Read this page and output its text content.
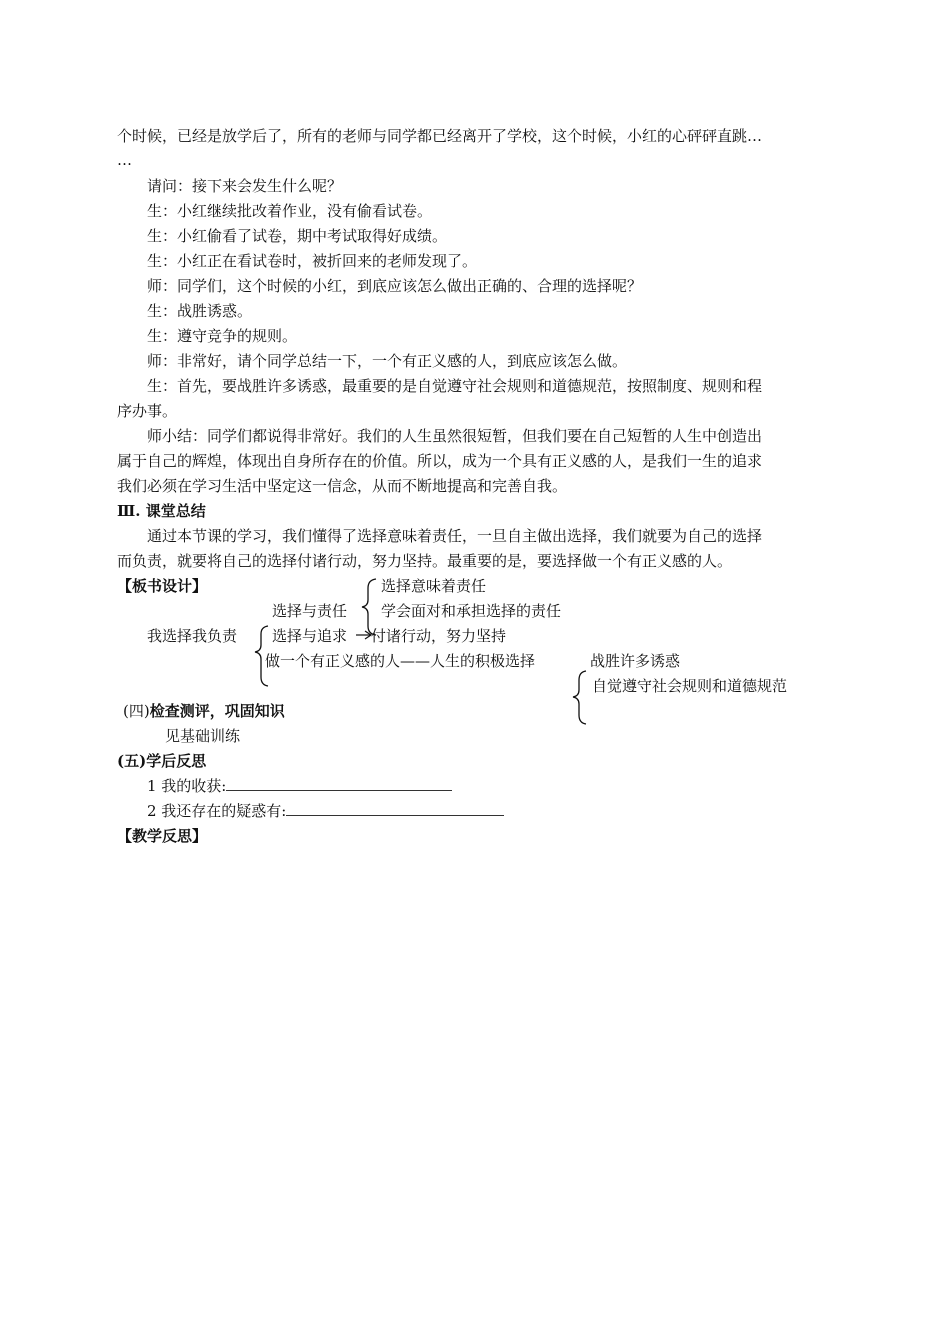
个时候，已经是放学后了，所有的老师与同学都已经离开了学校，这个时候，小红的心砰砰直跳…
…
请问：接下来会发生什么呢？
生：小红继续批改着作业，没有偷看试卷。
生：小红偷看了试卷，期中考试取得好成绩。
生：小红正在看试卷时，被折回来的老师发现了。
师：同学们，这个时候的小红，到底应该怎么做出正确的、合理的选择呢？
生：战胜诱惑。
生：遵守竞争的规则。
师：非常好，请个同学总结一下，一个有正义感的人，到底应该怎么做。
生：首先，要战胜许多诱惑，最重要的是自觉遵守社会规则和道德规范，按照制度、规则和程
序办事。
师小结：同学们都说得非常好。我们的人生虽然很短暂，但我们要在自己短暂的人生中创造出
属于自己的辉煌，体现出自身所存在的价值。所以，成为一个具有正义感的人，是我们一生的追求
我们必须在学习生活中坚定这一信念，从而不断地提高和完善自我。
Ⅲ. 课堂总结
通过本节课的学习，我们懂得了选择意味着责任，一旦自主做出选择，我们就要为自己的选择
而负责，就要将自己的选择付诸行动，努力坚持。最重要的是，要选择做一个有正义感的人。
【板书设计】	选择意味着责任
选择与责任 学会面对和承担选择的责任
我选择我负责 选择与追求 付诸行动，努力坚持
做一个有正义感的人——人生的积极选择	战胜许多诱惑
自觉遵守社会规则和道德规范
(四)检查测评，巩固知识
见基础训练
(五)学后反思
1 我的收获:
2 我还存在的疑惑有:
【教学反思】
